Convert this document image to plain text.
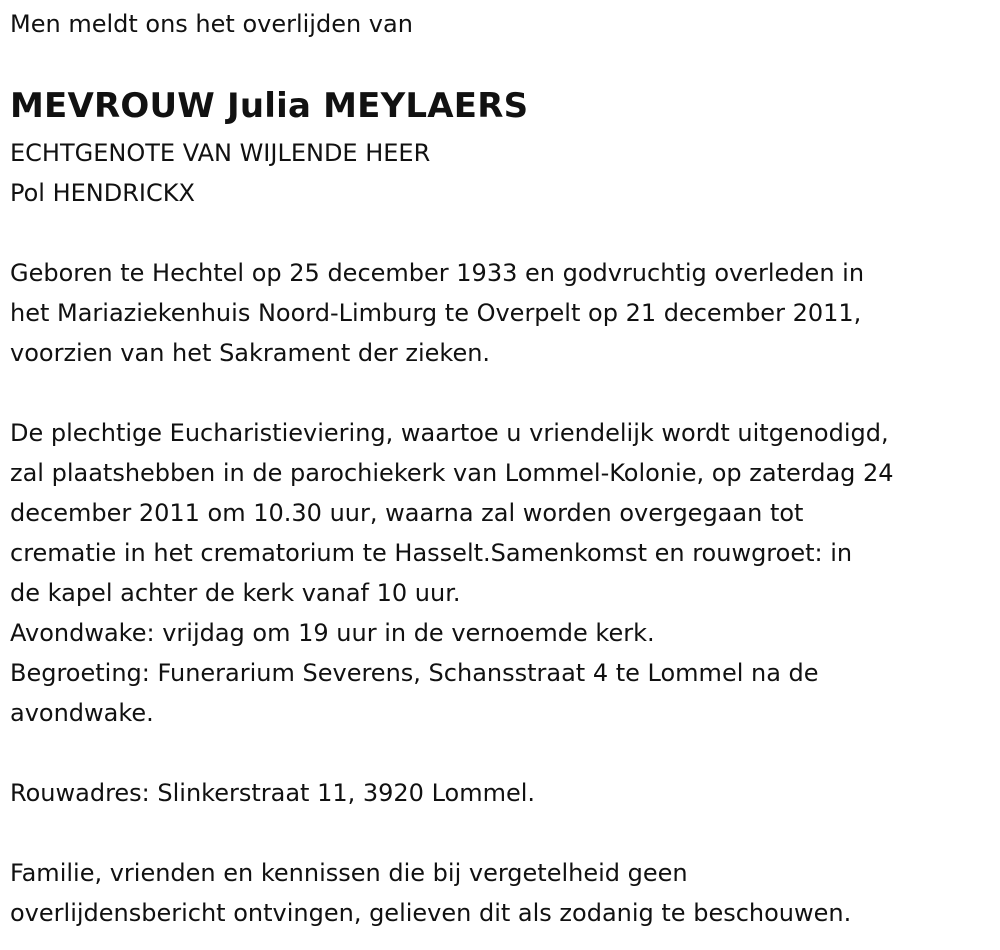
Men meldt ons het overlijden van

MEVROUW Julia MEYLAERS

ECHTGENOTE VAN WIJLENDE HEER

Pol HENDRICKX

Geboren te Hechtel op 25 december 1933 en godvruchtig overleden in

het Mariaziekenhuis Noord-Limburg te Overpelt op 21 december 2011,

voorzien van het Sakrament der zieken.

De plechtige Eucharistieviering, waartoe u vriendelijk wordt uitgenodigd,

zal plaatshebben in de parochiekerk van Lommel-Kolonie, op zaterdag 24

december 2011 om 10.30 uur, waarna zal worden overgegaan tot

crematie in het crematorium te Hasselt.Samenkomst en rouwgroet: in

de kapel achter de kerk vanaf 10 uur.

Avondwake: vrijdag om 19 uur in de vernoemde kerk.

Begroeting: Funerarium Severens, Schansstraat 4 te Lommel na de

avondwake.

Rouwadres: Slinkerstraat 11, 3920 Lommel.

Familie, vrienden en kennissen die bij vergetelheid geen

overlijdensbericht ontvingen, gelieven dit als zodanig te beschouwen.
